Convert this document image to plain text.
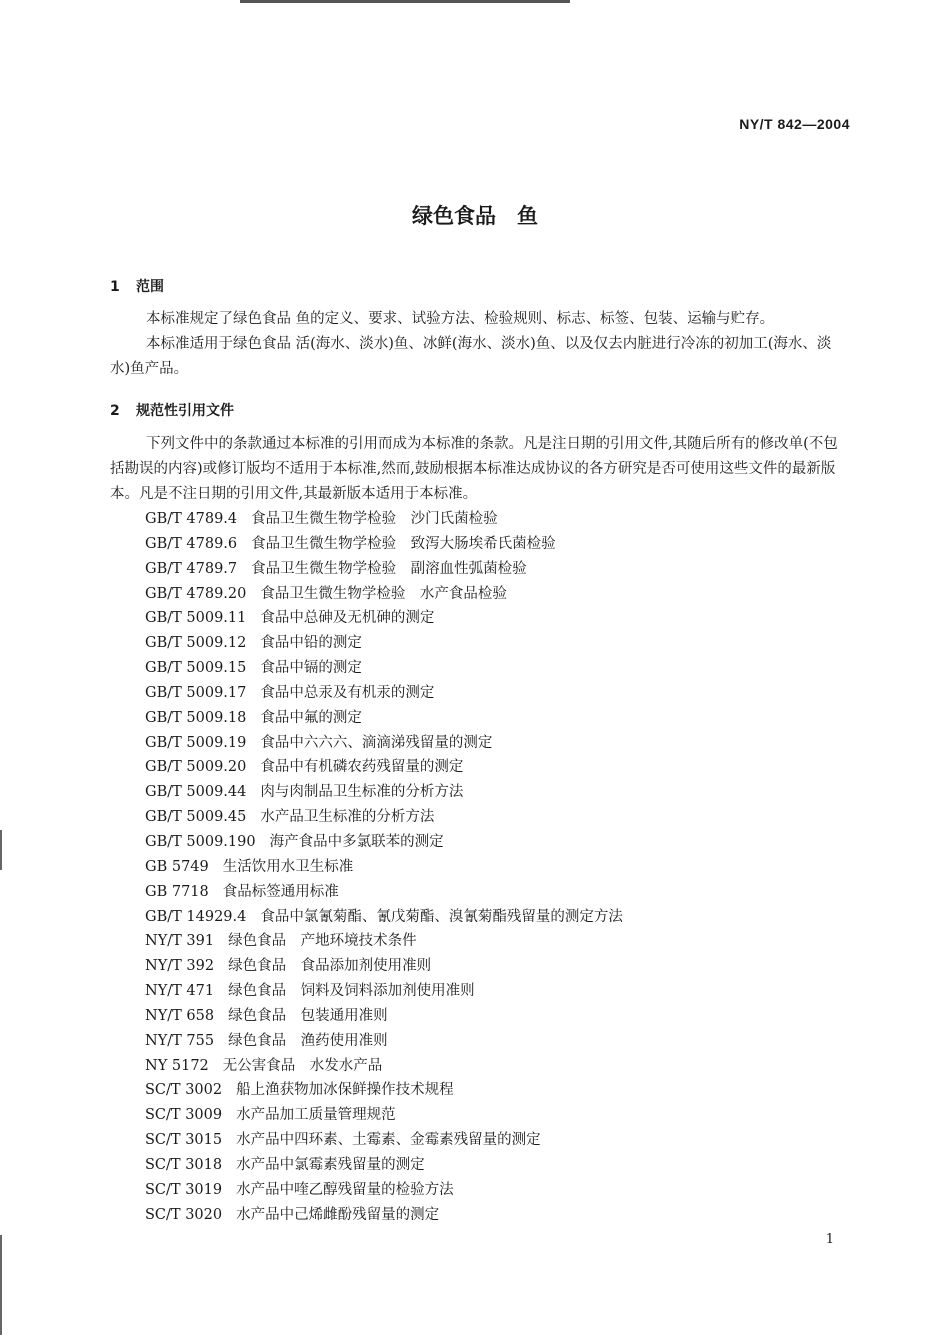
NY/T 842—2004
绿色食品　鱼
1 范围

本标准规定了绿色食品 鱼的定义、要求、试验方法、检验规则、标志、标签、包装、运输与贮存。

本标准适用于绿色食品 活(海水、淡水)鱼、冰鲜(海水、淡水)鱼、以及仅去内脏进行冷冻的初加工(海水、淡水)鱼产品。

2 规范性引用文件

下列文件中的条款通过本标准的引用而成为本标准的条款。凡是注日期的引用文件,其随后所有的修改单(不包括勘误的内容)或修订版均不适用于本标准,然而,鼓励根据本标准达成协议的各方研究是否可使用这些文件的最新版本。凡是不注日期的引用文件,其最新版本适用于本标准。

GB/T 4789.4 食品卫生微生物学检验　沙门氏菌检验
GB/T 4789.6 食品卫生微生物学检验　致泻大肠埃希氏菌检验
GB/T 4789.7 食品卫生微生物学检验　副溶血性弧菌检验
GB/T 4789.20 食品卫生微生物学检验　水产食品检验
GB/T 5009.11 食品中总砷及无机砷的测定
GB/T 5009.12 食品中铅的测定
GB/T 5009.15 食品中镉的测定
GB/T 5009.17 食品中总汞及有机汞的测定
GB/T 5009.18 食品中氟的测定
GB/T 5009.19 食品中六六六、滴滴涕残留量的测定
GB/T 5009.20 食品中有机磷农药残留量的测定
GB/T 5009.44 肉与肉制品卫生标准的分析方法
GB/T 5009.45 水产品卫生标准的分析方法
GB/T 5009.190 海产食品中多氯联苯的测定
GB 5749 生活饮用水卫生标准
GB 7718 食品标签通用标准
GB/T 14929.4 食品中氯氰菊酯、氰戊菊酯、溴氰菊酯残留量的测定方法
NY/T 391 绿色食品　产地环境技术条件
NY/T 392 绿色食品　食品添加剂使用准则
NY/T 471 绿色食品　饲料及饲料添加剂使用准则
NY/T 658 绿色食品　包装通用准则
NY/T 755 绿色食品　渔药使用准则
NY 5172 无公害食品　水发水产品
SC/T 3002 船上渔获物加冰保鲜操作技术规程
SC/T 3009 水产品加工质量管理规范
SC/T 3015 水产品中四环素、土霉素、金霉素残留量的测定
SC/T 3018 水产品中氯霉素残留量的测定
SC/T 3019 水产品中喹乙醇残留量的检验方法
SC/T 3020 水产品中己烯雌酚残留量的测定
1
